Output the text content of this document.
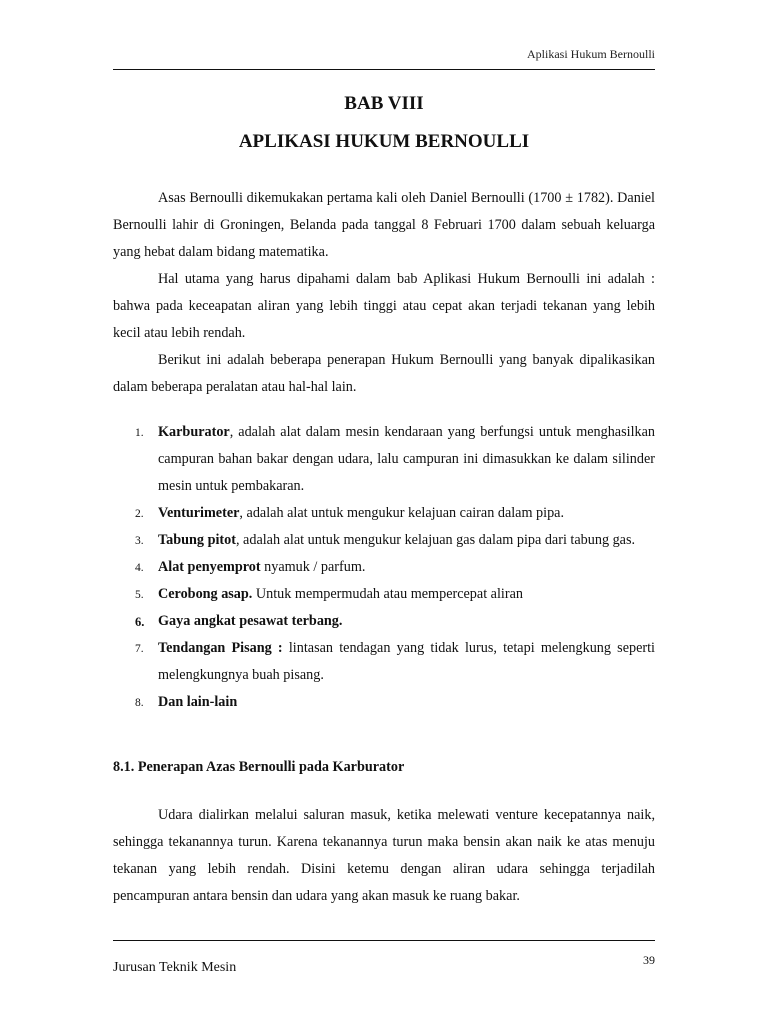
Aplikasi Hukum Bernoulli
BAB VIII
APLIKASI HUKUM BERNOULLI

Asas Bernoulli dikemukakan pertama kali oleh Daniel Bernoulli (1700 ± 1782). Daniel Bernoulli lahir di Groningen, Belanda pada tanggal 8 Februari 1700 dalam sebuah keluarga yang hebat dalam bidang matematika.

Hal utama yang harus dipahami dalam bab Aplikasi Hukum Bernoulli ini adalah : bahwa pada keceapatan aliran yang lebih tinggi atau cepat akan terjadi tekanan yang lebih kecil atau lebih rendah.

Berikut ini adalah beberapa penerapan Hukum Bernoulli yang banyak dipalikasikan dalam beberapa peralatan atau hal-hal lain.

1. Karburator, adalah alat dalam mesin kendaraan yang berfungsi untuk menghasilkan campuran bahan bakar dengan udara, lalu campuran ini dimasukkan ke dalam silinder mesin untuk pembakaran.
2. Venturimeter, adalah alat untuk mengukur kelajuan cairan dalam pipa.
3. Tabung pitot, adalah alat untuk mengukur kelajuan gas dalam pipa dari tabung gas.
4. Alat penyemprot nyamuk / parfum.
5. Cerobong asap. Untuk mempermudah atau mempercepat aliran
6. Gaya angkat pesawat terbang.
7. Tendangan Pisang : lintasan tendagan yang tidak lurus, tetapi melengkung seperti melengkungnya buah pisang.
8. Dan lain-lain
8.1. Penerapan Azas Bernoulli pada Karburator

Udara dialirkan melalui saluran masuk, ketika melewati venture kecepatannya naik, sehingga tekanannya turun. Karena tekanannya turun maka bensin akan naik ke atas menuju tekanan yang lebih rendah. Disini ketemu dengan aliran udara sehingga terjadilah pencampuran antara bensin dan udara yang akan masuk ke ruang bakar.

39
Jurusan Teknik Mesin
